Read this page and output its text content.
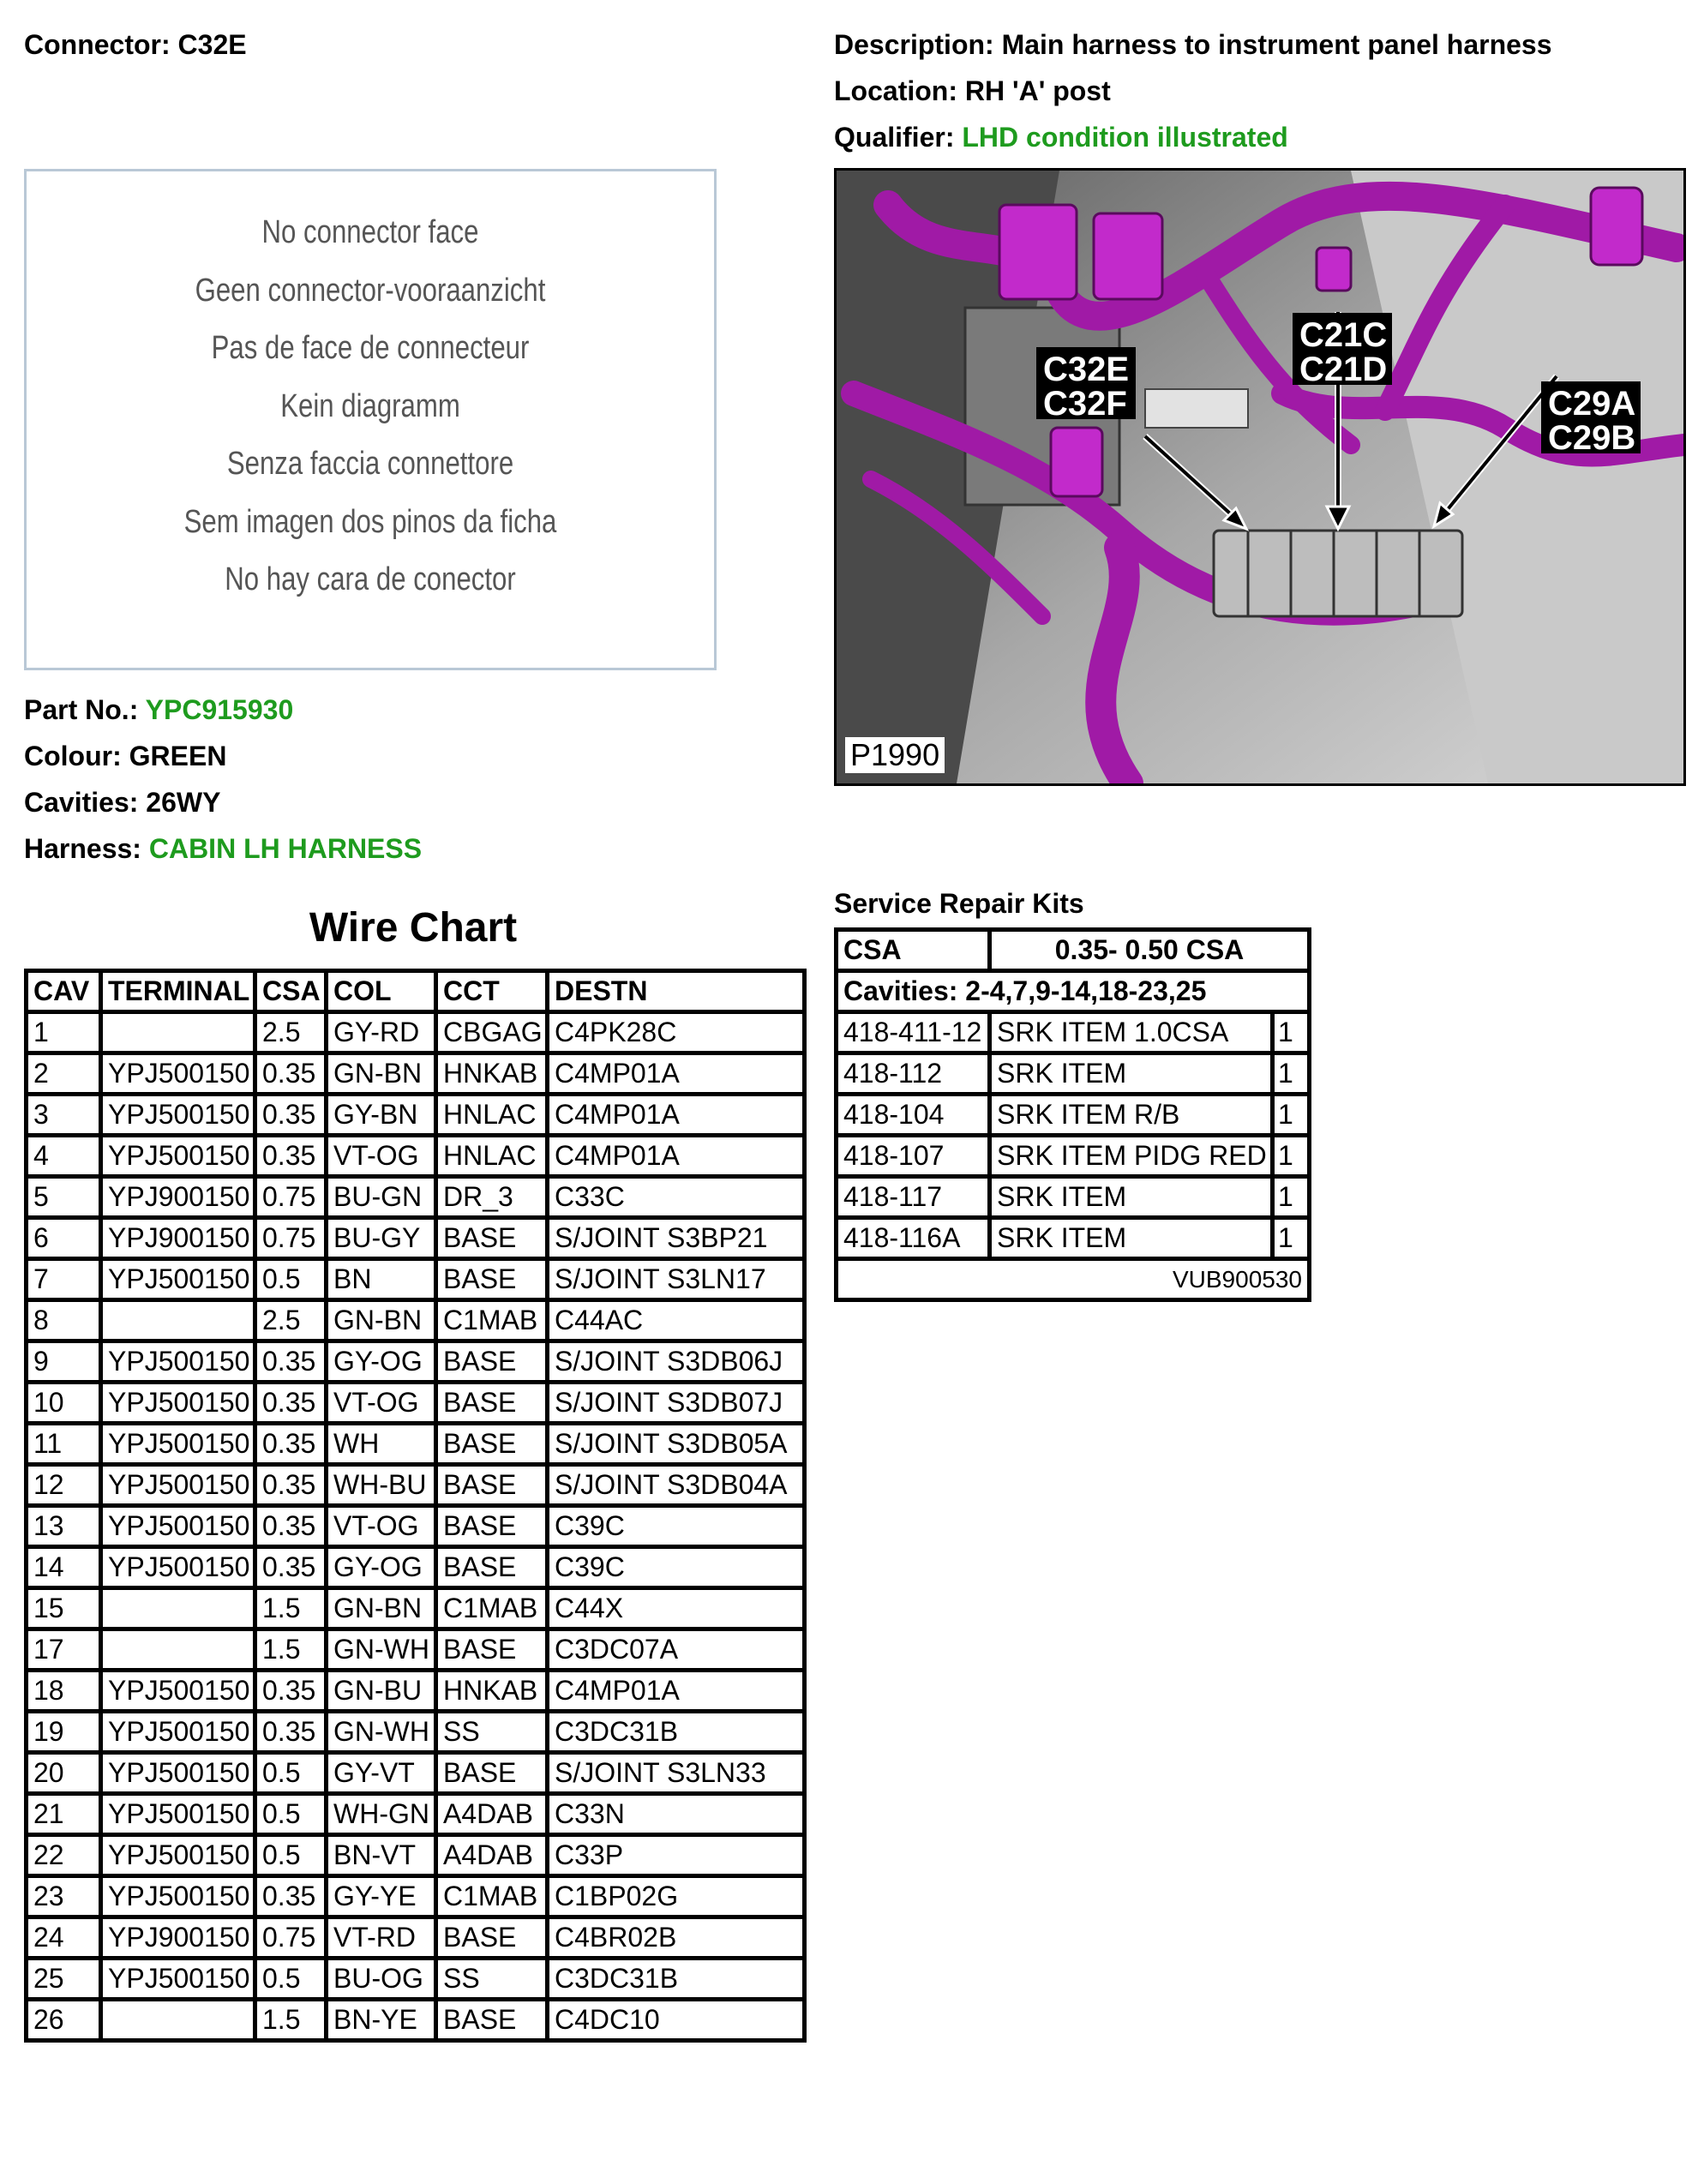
Connector: C32E	Description: Main harness to instrument panel harness
Location: RH 'A' post
Qualifier: LHD condition illustrated
No connector face
Geen connector-vooraanzicht
Pas de face de connecteur
Kein diagramm
Senza faccia connettore
Sem imagen dos pinos da ficha
No hay cara de conector
Part No.: YPC915930
Colour: GREEN
Cavities: 26WY
Harness: CABIN LH HARNESS
C32E
C32F
C21C
C21D
C29A
C29B
P1990
Wire Chart
CAV	TERMINAL	CSA	COL	CCT	DESTN
1		2.5	GY-RD	CBGAG	C4PK28C
2	YPJ500150	0.35	GN-BN	HNKAB	C4MP01A
3	YPJ500150	0.35	GY-BN	HNLAC	C4MP01A
4	YPJ500150	0.35	VT-OG	HNLAC	C4MP01A
5	YPJ900150	0.75	BU-GN	DR_3	C33C
6	YPJ900150	0.75	BU-GY	BASE	S/JOINT S3BP21
7	YPJ500150	0.5	BN	BASE	S/JOINT S3LN17
8		2.5	GN-BN	C1MAB	C44AC
9	YPJ500150	0.35	GY-OG	BASE	S/JOINT S3DB06J
10	YPJ500150	0.35	VT-OG	BASE	S/JOINT S3DB07J
11	YPJ500150	0.35	WH	BASE	S/JOINT S3DB05A
12	YPJ500150	0.35	WH-BU	BASE	S/JOINT S3DB04A
13	YPJ500150	0.35	VT-OG	BASE	C39C
14	YPJ500150	0.35	GY-OG	BASE	C39C
15		1.5	GN-BN	C1MAB	C44X
17		1.5	GN-WH	BASE	C3DC07A
18	YPJ500150	0.35	GN-BU	HNKAB	C4MP01A
19	YPJ500150	0.35	GN-WH	SS	C3DC31B
20	YPJ500150	0.5	GY-VT	BASE	S/JOINT S3LN33
21	YPJ500150	0.5	WH-GN	A4DAB	C33N
22	YPJ500150	0.5	BN-VT	A4DAB	C33P
23	YPJ500150	0.35	GY-YE	C1MAB	C1BP02G
24	YPJ900150	0.75	VT-RD	BASE	C4BR02B
25	YPJ500150	0.5	BU-OG	SS	C3DC31B
26		1.5	BN-YE	BASE	C4DC10
Service Repair Kits
CSA	0.35- 0.50 CSA	
Cavities: 2-4,7,9-14,18-23,25		
418-411-12	SRK ITEM 1.0CSA	1
418-112	SRK ITEM	1
418-104	SRK ITEM R/B	1
418-107	SRK ITEM PIDG RED	1
418-117	SRK ITEM	1
418-116A	SRK ITEM	1
VUB900530		
